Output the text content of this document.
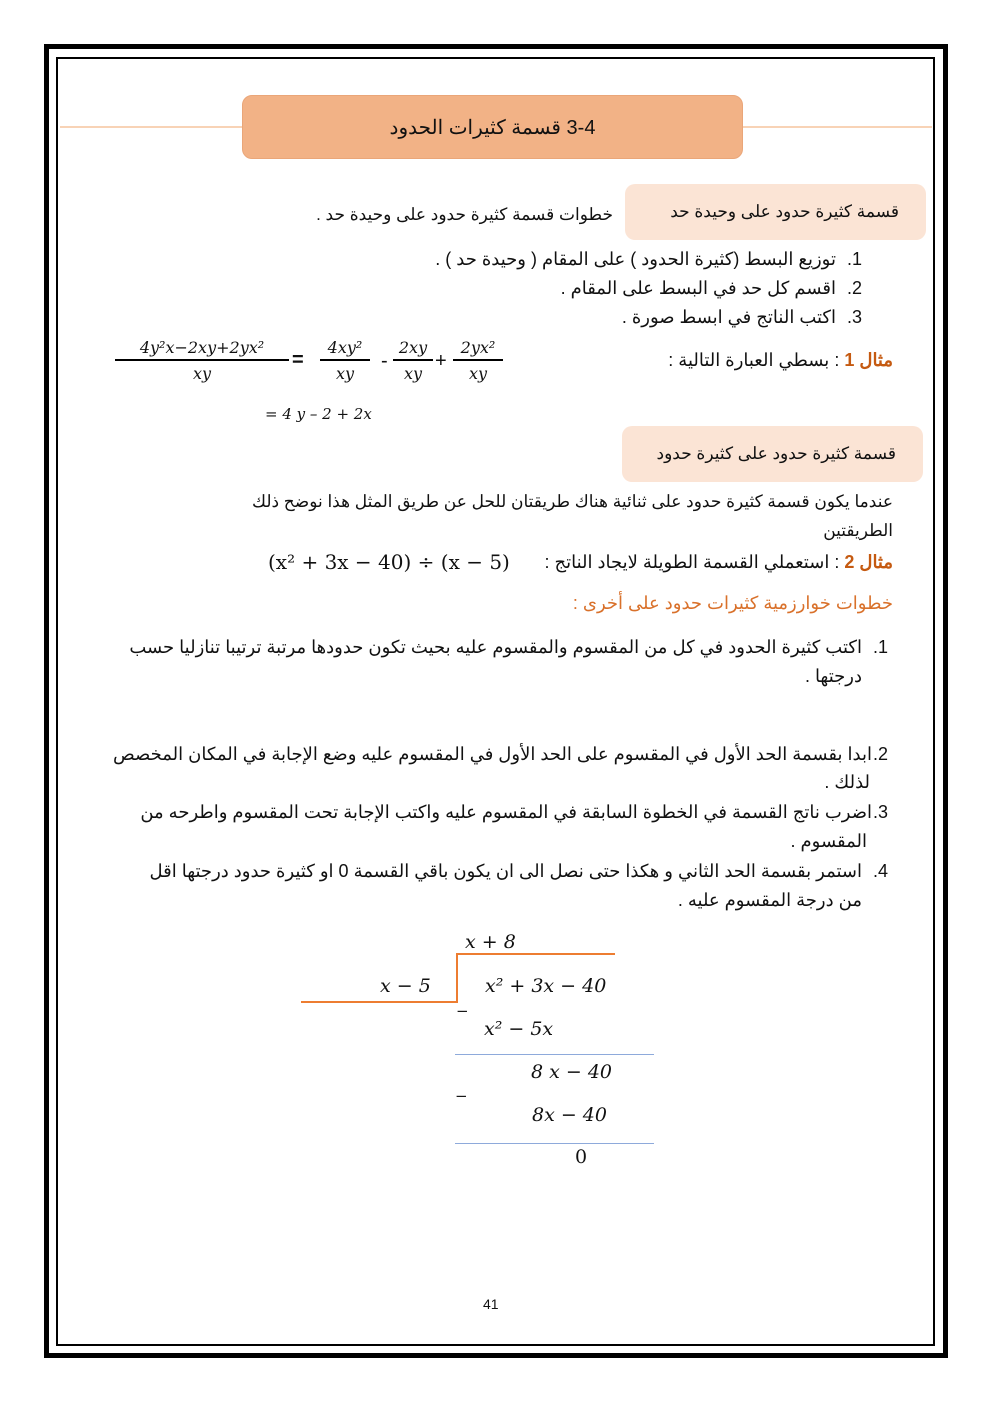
3-4 قسمة كثيرات الحدود
قسمة كثيرة حدود على وحيدة حد
خطوات قسمة كثيرة حدود على وحيدة حد .
1.توزيع البسط (كثيرة الحدود ) على المقام ( وحيدة حد ) .
2.اقسم كل حد في البسط على المقام .
3.اكتب الناتج في ابسط صورة .
مثال 1 : بسطي العبارة التالية :
$\frac{\text{4y²x−2xy+2yx²}}{xy} = \frac{\text{4xy²}}{xy} - \frac{2xy}{xy} + \frac{\text{2yx²}}{xy}$
= 4 y – 2 + 2x
قسمة كثيرة حدود على كثيرة حدود
عندما يكون قسمة كثيرة حدود على ثنائية هناك طريقتان للحل عن طريق المثل هذا نوضح ذلك
الطريقتين
مثال 2 : استعملي القسمة الطويلة لايجاد الناتج :
(x² + 3x − 40) ÷ (x − 5)
خطوات خوارزمية كثيرات حدود على أخرى :
1.اكتب كثيرة الحدود في كل من المقسوم والمقسوم عليه بحيث تكون حدودها مرتبة ترتيبا تنازليا حسب
درجتها .
2.ابدا بقسمة الحد الأول في المقسوم على الحد الأول في المقسوم عليه وضع الإجابة في المكان المخصص
لذلك .
3.اضرب ناتج القسمة في الخطوة السابقة في المقسوم عليه واكتب الإجابة تحت المقسوم واطرحه من
المقسوم .
4.استمر بقسمة الحد الثاني و هكذا حتى نصل الى ان يكون باقي القسمة 0 او كثيرة حدود درجتها اقل
من درجة المقسوم عليه .
x + 8
x − 5	x² + 3x − 40
−
x² − 5x
8 x − 40
−
8x − 40
0
41
